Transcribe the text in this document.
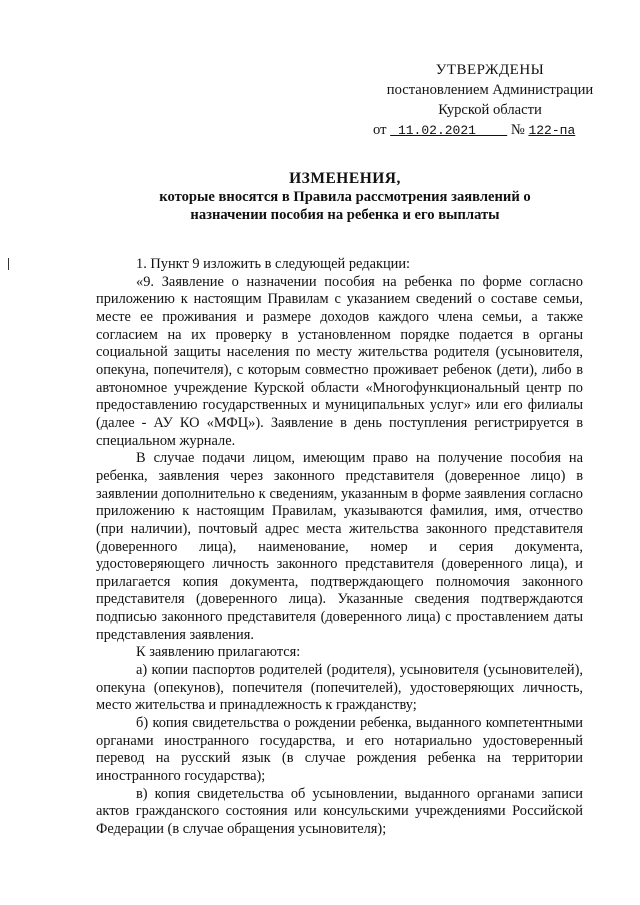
УТВЕРЖДЕНЫ
постановлением Администрации
Курской области
от 11.02.2021 № 122-па
ИЗМЕНЕНИЯ,
которые вносятся в Правила рассмотрения заявлений о
назначении пособия на ребенка и его выплаты

1. Пункт 9 изложить в следующей редакции:

«9. Заявление о назначении пособия на ребенка по форме согласно приложению к настоящим Правилам с указанием сведений о составе семьи, месте ее проживания и размере доходов каждого члена семьи, а также согласием на их проверку в установленном порядке подается в органы социальной защиты населения по месту жительства родителя (усыновителя, опекуна, попечителя), с которым совместно проживает ребенок (дети), либо в автономное учреждение Курской области «Многофункциональный центр по предоставлению государственных и муниципальных услуг» или его филиалы (далее - АУ КО «МФЦ»). Заявление в день поступления регистрируется в специальном журнале.

В случае подачи лицом, имеющим право на получение пособия на ребенка, заявления через законного представителя (доверенное лицо) в заявлении дополнительно к сведениям, указанным в форме заявления согласно приложению к настоящим Правилам, указываются фамилия, имя, отчество (при наличии), почтовый адрес места жительства законного представителя (доверенного лица), наименование, номер и серия документа, удостоверяющего личность законного представителя (доверенного лица), и прилагается копия документа, подтверждающего полномочия законного представителя (доверенного лица). Указанные сведения подтверждаются подписью законного представителя (доверенного лица) с проставлением даты представления заявления.

К заявлению прилагаются:

а) копии паспортов родителей (родителя), усыновителя (усыновителей), опекуна (опекунов), попечителя (попечителей), удостоверяющих личность, место жительства и принадлежность к гражданству;

б) копия свидетельства о рождении ребенка, выданного компетентными органами иностранного государства, и его нотариально удостоверенный перевод на русский язык (в случае рождения ребенка на территории иностранного государства);

в) копия свидетельства об усыновлении, выданного органами записи актов гражданского состояния или консульскими учреждениями Российской Федерации (в случае обращения усыновителя);
